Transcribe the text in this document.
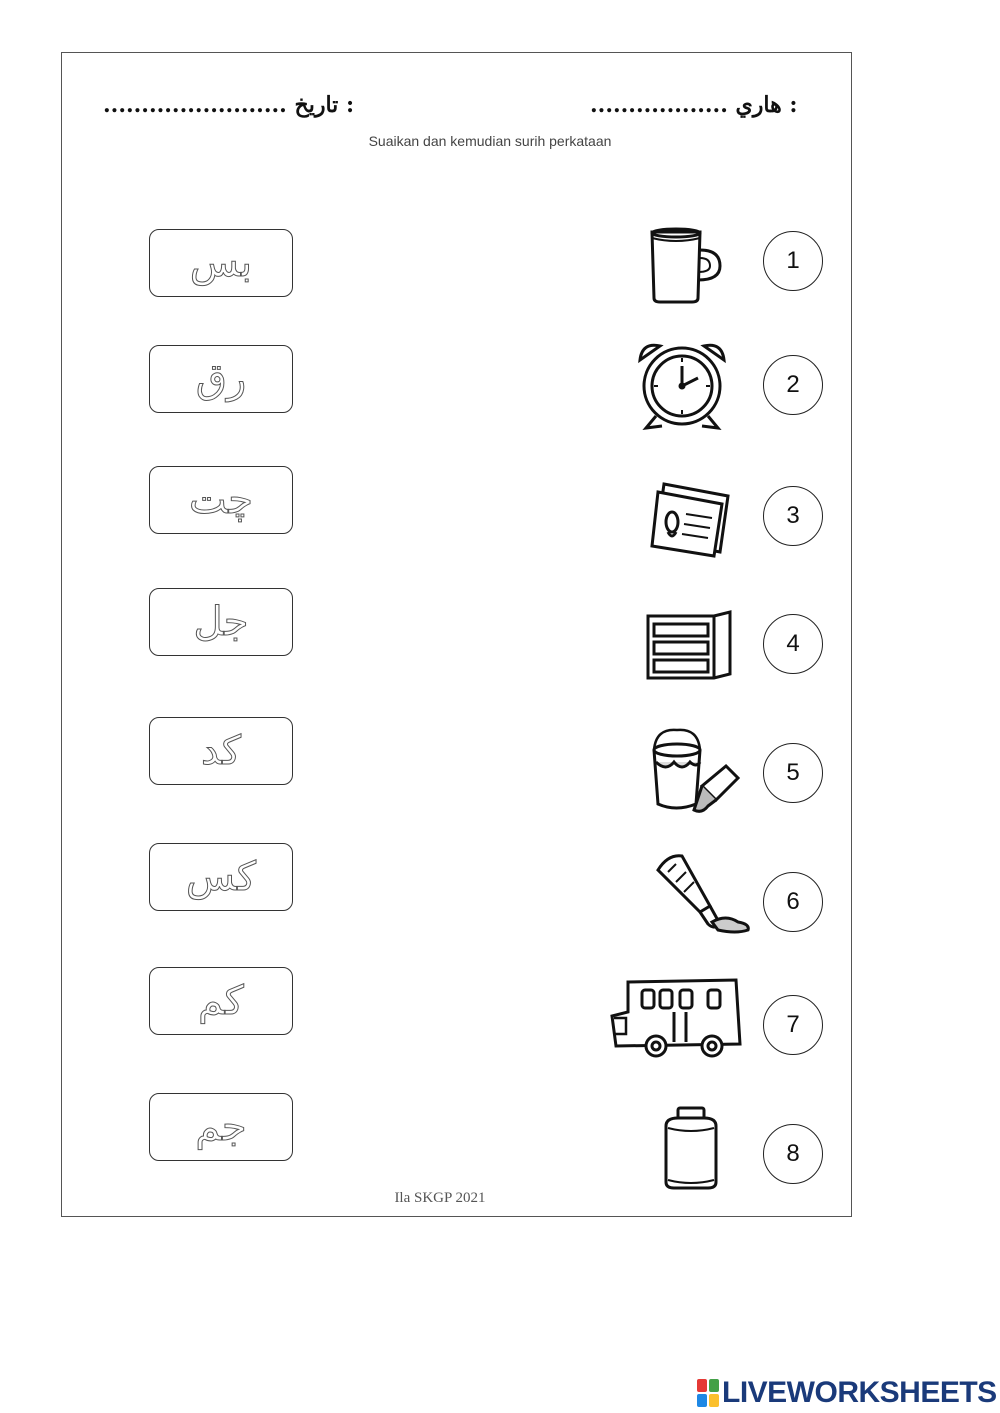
........................ تاريخ :	.................. هاري :
Suaikan dan kemudian surih perkataan
بس
رق
چت
جل
كد
كس
كم
جم
1
2
3
4
5
6
7
8
Ila SKGP 2021
LIVEWORKSHEETS
